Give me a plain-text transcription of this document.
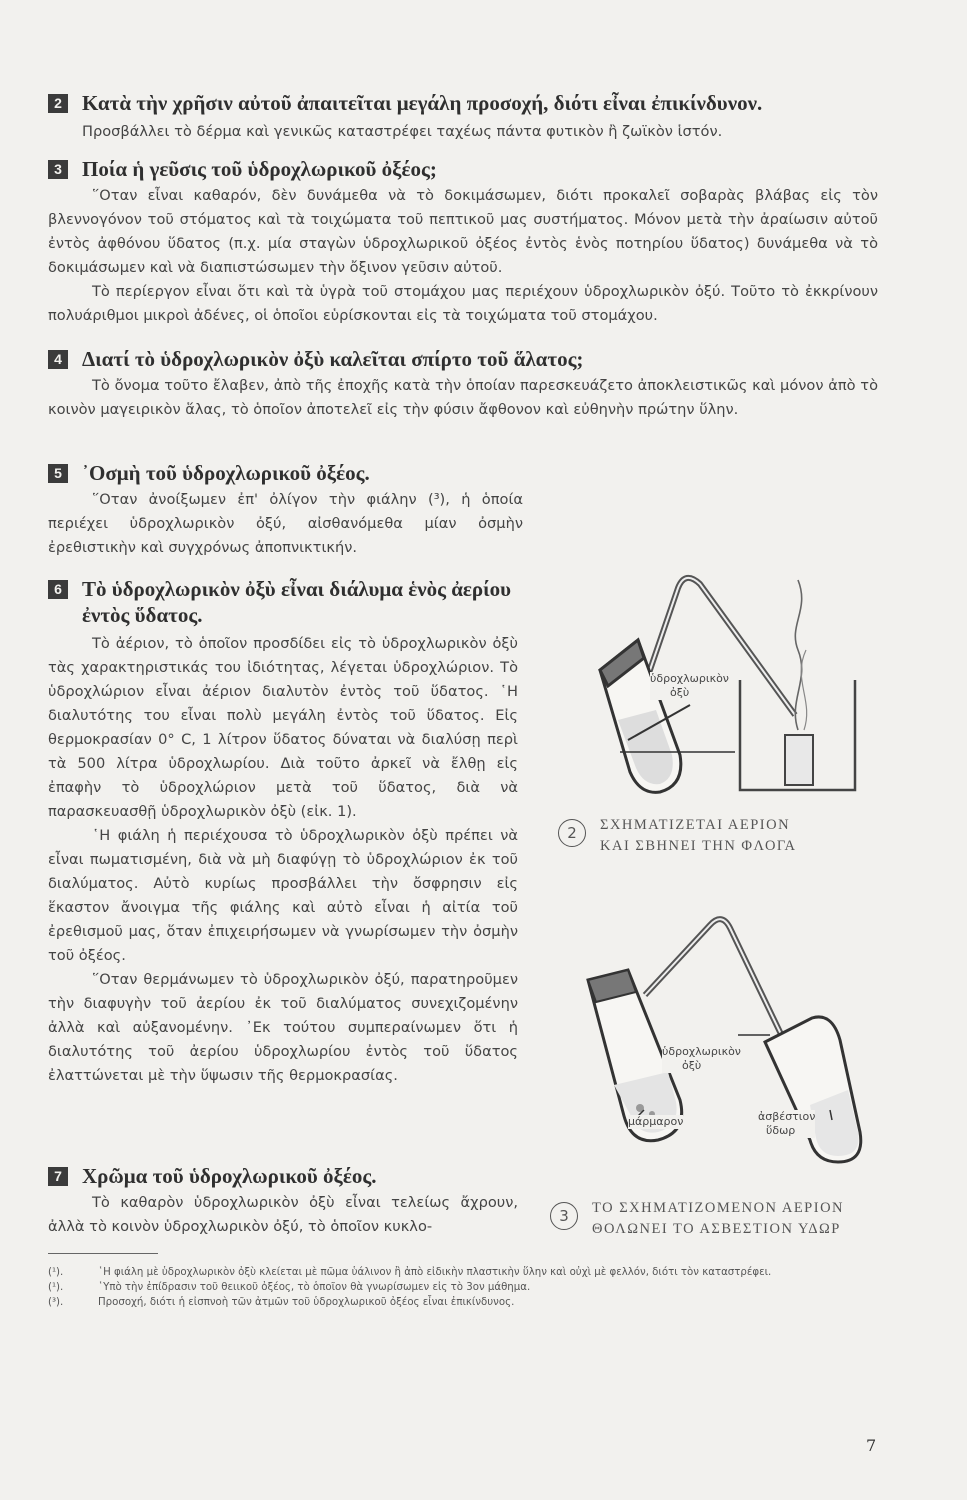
2 Κατὰ τὴν χρῆσιν αὐτοῦ ἀπαιτεῖται μεγάλη προσοχή, διότι εἶναι ἐπικίνδυνον.

Προσβάλλει τὸ δέρμα καὶ γενικῶς καταστρέφει ταχέως πάντα φυτικὸν ἢ ζωϊκὸν ἱστόν.

3 Ποία ἡ γεῦσις τοῦ ὑδροχλωρικοῦ ὀξέος;

῞Οταν εἶναι καθαρόν, δὲν δυνάμεθα νὰ τὸ δοκιμάσωμεν, διότι προκαλεῖ σοβαρὰς βλάβας εἰς τὸν βλεννογόνον τοῦ στόματος καὶ τὰ τοιχώματα τοῦ πεπτικοῦ μας συστήματος. Μόνον μετὰ τὴν ἀραίωσιν αὐτοῦ ἐντὸς ἀφθόνου ὕδατος (π.χ. μία σταγὼν ὑδροχλωρικοῦ ὀξέος ἐντὸς ἑνὸς ποτηρίου ὕδατος) δυνάμεθα νὰ τὸ δοκιμάσωμεν καὶ νὰ διαπιστώσωμεν τὴν ὄξινον γεῦσιν αὐτοῦ.

Τὸ περίεργον εἶναι ὅτι καὶ τὰ ὑγρὰ τοῦ στομάχου μας περιέχουν ὑδροχλωρικὸν ὀξύ. Τοῦτο τὸ ἐκκρίνουν πολυάριθμοι μικροὶ ἀδένες, οἱ ὁποῖοι εὑρίσκονται εἰς τὰ τοιχώματα τοῦ στομάχου.

4 Διατί τὸ ὑδροχλωρικὸν ὀξὺ καλεῖται σπίρτο τοῦ ἅλατος;

Τὸ ὄνομα τοῦτο ἔλαβεν, ἀπὸ τῆς ἐποχῆς κατὰ τὴν ὁποίαν παρεσκευάζετο ἀποκλειστικῶς καὶ μόνον ἀπὸ τὸ κοινὸν μαγειρικὸν ἅλας, τὸ ὁποῖον ἀποτελεῖ εἰς τὴν φύσιν ἄφθονον καὶ εὐθηνὴν πρώτην ὕλην.

5 ᾿Οσμὴ τοῦ ὑδροχλωρικοῦ ὀξέος.

῞Οταν ἀνοίξωμεν ἐπ' ὀλίγον τὴν φιάλην (³), ἡ ὁποία περιέχει ὑδροχλωρικὸν ὀξύ, αἰσθανόμεθα μίαν ὀσμὴν ἐρεθιστικὴν καὶ συγχρόνως ἀποπνικτικήν.

6 Τὸ ὑδροχλωρικὸν ὀξὺ εἶναι διάλυμα ἑνὸς ἀερίου ἐντὸς ὕδατος.

Τὸ ἀέριον, τὸ ὁποῖον προσδίδει εἰς τὸ ὑδροχλωρικὸν ὀξὺ τὰς χαρακτηριστικάς του ἰδιότητας, λέγεται ὑδροχλώριον. Τὸ ὑδροχλώριον εἶναι ἀέριον διαλυτὸν ἐντὸς τοῦ ὕδατος. ῾Η διαλυτότης του εἶναι πολὺ μεγάλη ἐντὸς τοῦ ὕδατος. Εἰς θερμοκρασίαν 0° C, 1 λίτρον ὕδατος δύναται νὰ διαλύσῃ περὶ τὰ 500 λίτρα ὑδροχλωρίου. Διὰ τοῦτο ἀρκεῖ νὰ ἔλθῃ εἰς ἐπαφὴν τὸ ὑδροχλώριον μετὰ τοῦ ὕδατος, διὰ νὰ παρασκευασθῇ ὑδροχλωρικὸν ὀξὺ (εἰκ. 1).

῾Η φιάλη ἡ περιέχουσα τὸ ὑδροχλωρικὸν ὀξὺ πρέπει νὰ εἶναι πωματισμένη, διὰ νὰ μὴ διαφύγῃ τὸ ὑδροχλώριον ἐκ τοῦ διαλύματος. Αὐτὸ κυρίως προσβάλλει τὴν ὄσφρησιν εἰς ἕκαστον ἄνοιγμα τῆς φιάλης καὶ αὐτὸ εἶναι ἡ αἰτία τοῦ ἐρεθισμοῦ μας, ὅταν ἐπιχειρήσωμεν νὰ γνωρίσωμεν τὴν ὀσμὴν τοῦ ὀξέος.

῞Οταν θερμάνωμεν τὸ ὑδροχλωρικὸν ὀξύ, παρατηροῦμεν τὴν διαφυγὴν τοῦ ἀερίου ἐκ τοῦ διαλύματος συνεχιζομένην ἀλλὰ καὶ αὐξανομένην. ᾿Εκ τούτου συμπεραίνωμεν ὅτι ἡ διαλυτότης τοῦ ἀερίου ὑδροχλωρίου ἐντὸς τοῦ ὕδατος ἐλαττώνεται μὲ τὴν ὕψωσιν τῆς θερμοκρασίας.

7 Χρῶμα τοῦ ὑδροχλωρικοῦ ὀξέος.

Τὸ καθαρὸν ὑδροχλωρικὸν ὀξὺ εἶναι τελείως ἄχρουν, ἀλλὰ τὸ κοινὸν ὑδροχλωρικὸν ὀξύ, τὸ ὁποῖον κυκλο-

ὑδροχλωρικὸν
ὀξὺ
2	ΣΧΗΜΑΤΙΖΕΤΑΙ ΑΕΡΙΟΝ
ΚΑΙ ΣΒΗΝΕΙ ΤΗΝ ΦΛΟΓΑ
ὑδροχλωρικὸν
ὀξὺ
μάρμαρον	ἀσβέστιον
ὕδωρ
3	ΤΟ ΣΧΗΜΑΤΙΖΟΜΕΝΟΝ ΑΕΡΙΟΝ
ΘΟΛΩΝΕΙ ΤΟ ΑΣΒΕΣΤΙΟΝ ΥΔΩΡ
(¹).	῾Η φιάλη μὲ ὑδροχλωρικὸν ὀξὺ κλείεται μὲ πῶμα ὑάλινον ἢ ἀπὸ εἰδικὴν πλαστικὴν ὕλην καὶ οὐχὶ μὲ φελλόν, διότι τὸν καταστρέφει.
(¹).	῾Υπὸ τὴν ἐπίδρασιν τοῦ θειικοῦ ὀξέος, τὸ ὁποῖον θὰ γνωρίσωμεν εἰς τὸ 3ον μάθημα.
(³).	Προσοχή, διότι ἡ εἰσπνοὴ τῶν ἀτμῶν τοῦ ὑδροχλωρικοῦ ὀξέος εἶναι ἐπικίνδυνος.
7
